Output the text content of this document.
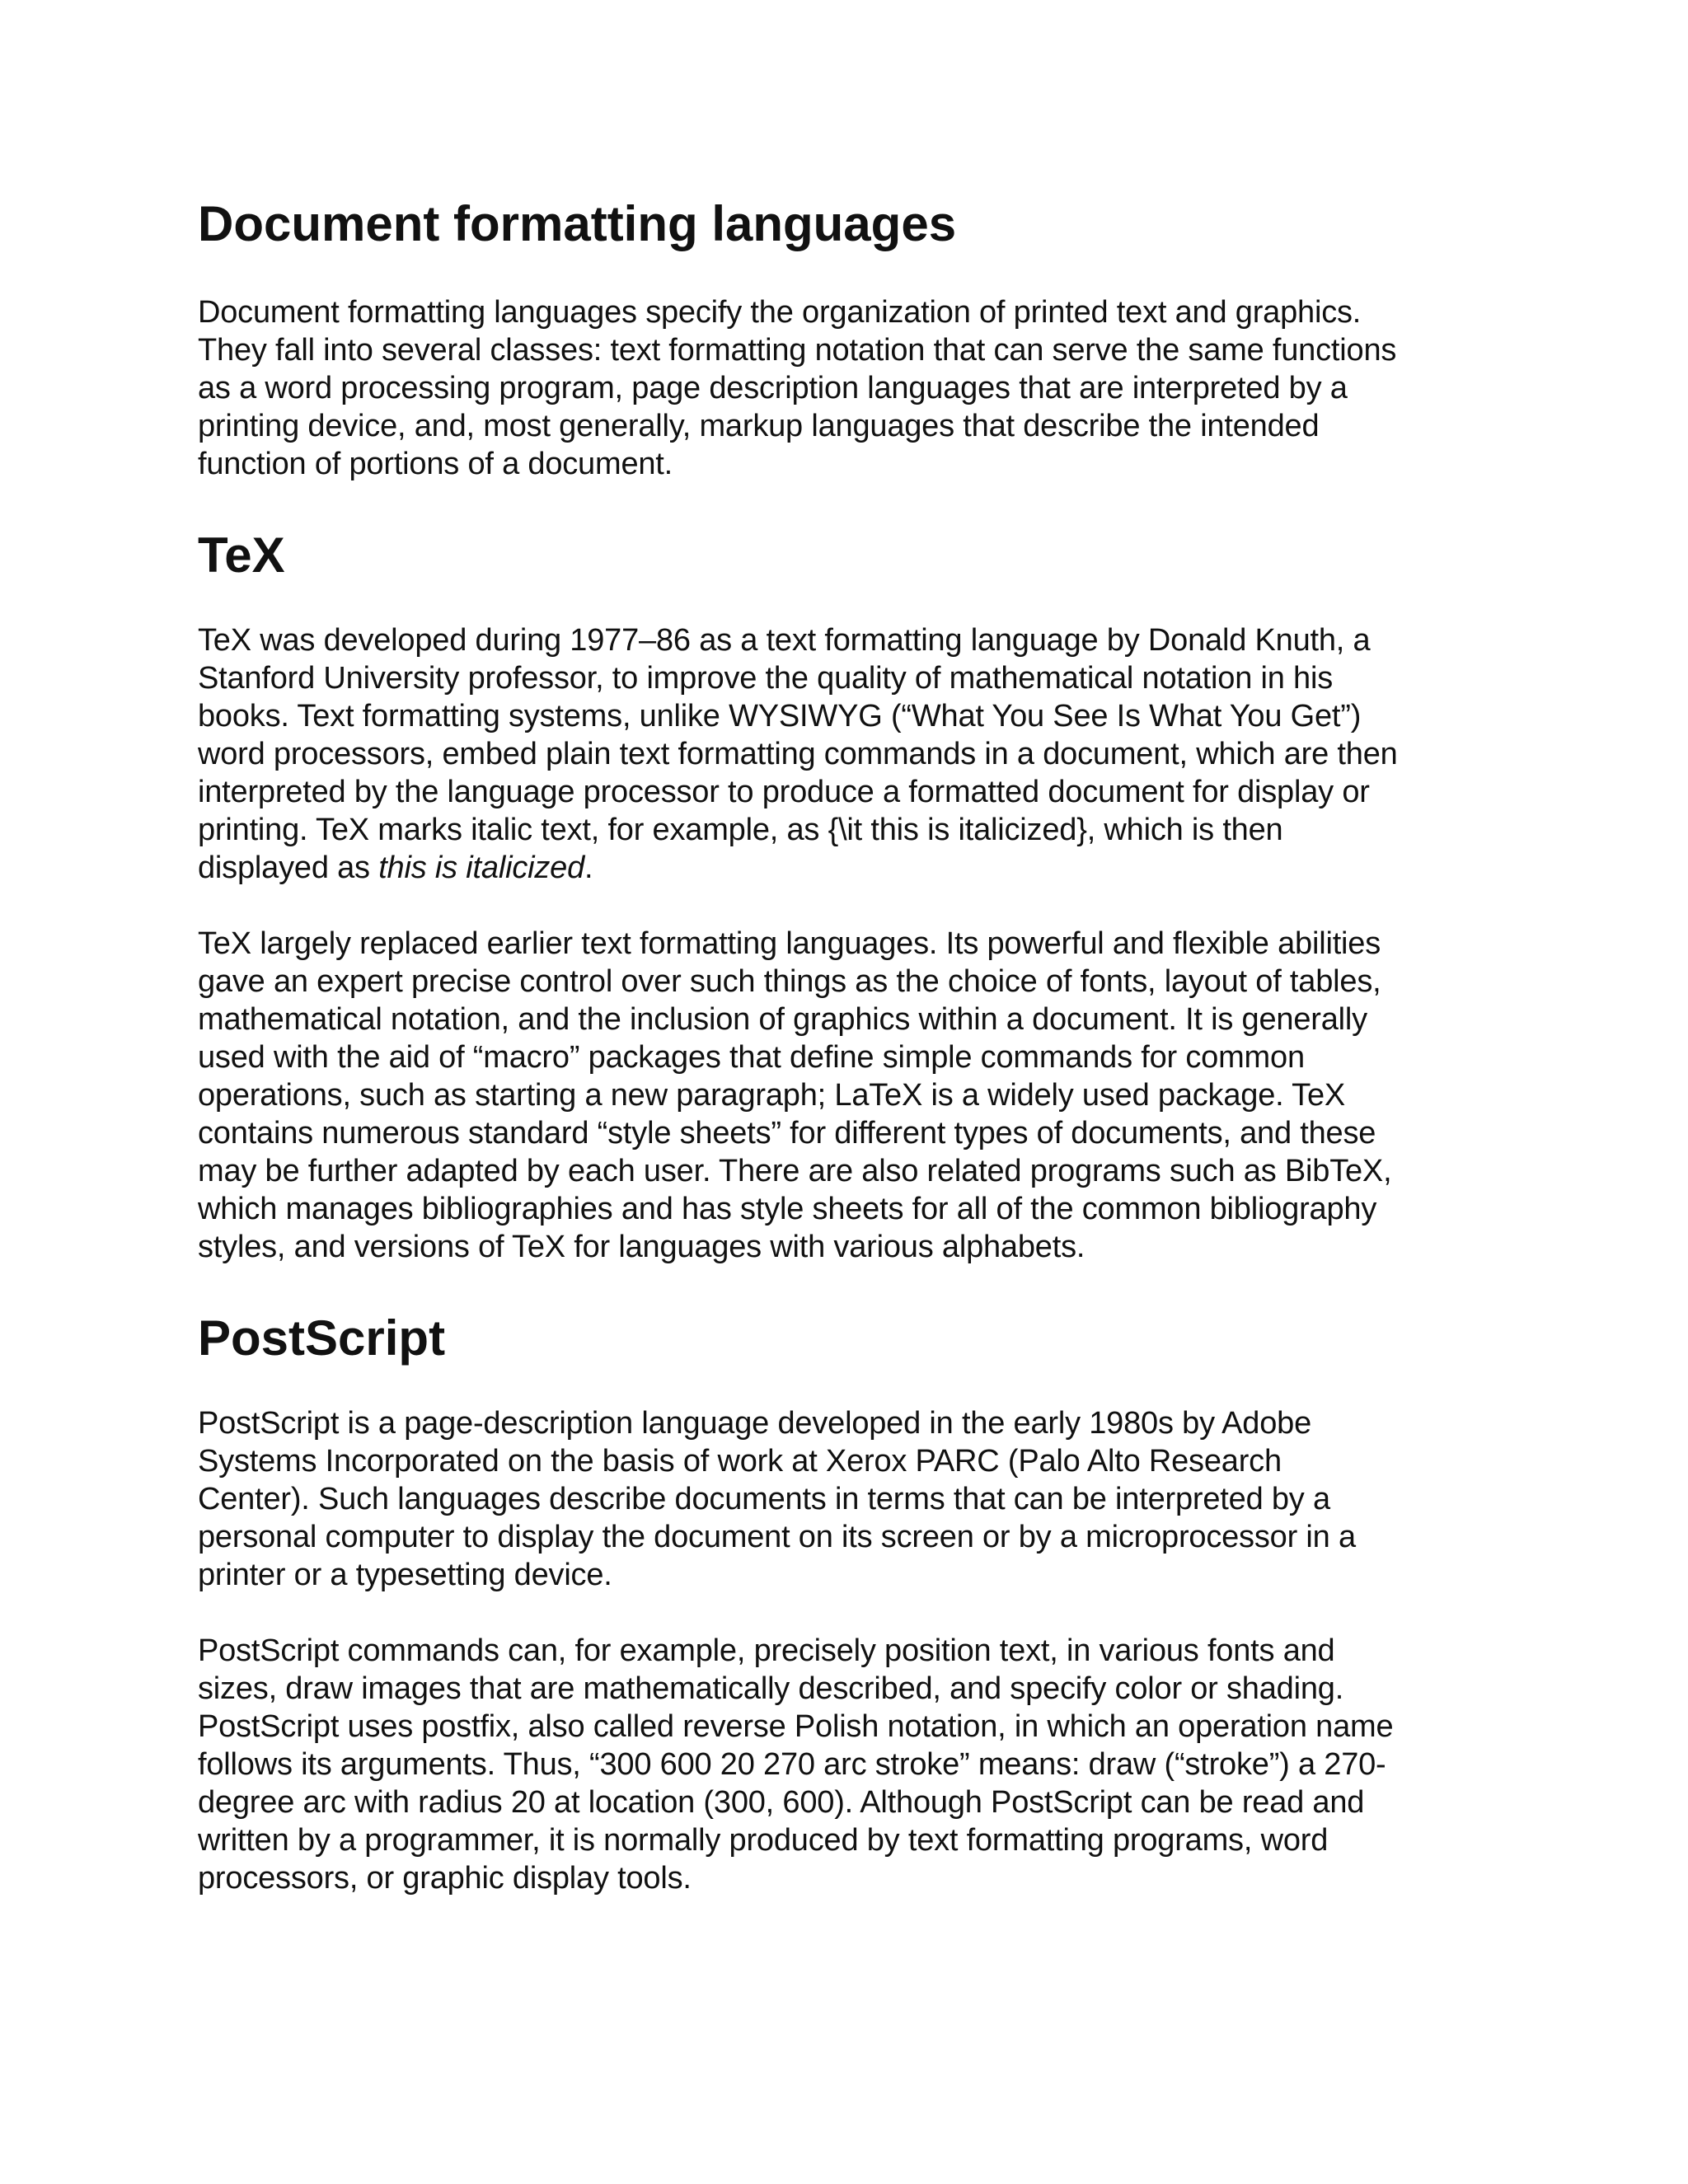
Document formatting languages

Document formatting languages specify the organization of printed text and graphics.
They fall into several classes: text formatting notation that can serve the same functions
as a word processing program, page description languages that are interpreted by a
printing device, and, most generally, markup languages that describe the intended
function of portions of a document.

TeX

TeX was developed during 1977–86 as a text formatting language by Donald Knuth, a
Stanford University professor, to improve the quality of mathematical notation in his
books. Text formatting systems, unlike WYSIWYG (“What You See Is What You Get”)
word processors, embed plain text formatting commands in a document, which are then
interpreted by the language processor to produce a formatted document for display or
printing. TeX marks italic text, for example, as {\it this is italicized}, which is then
displayed as this is italicized.

TeX largely replaced earlier text formatting languages. Its powerful and flexible abilities
gave an expert precise control over such things as the choice of fonts, layout of tables,
mathematical notation, and the inclusion of graphics within a document. It is generally
used with the aid of “macro” packages that define simple commands for common
operations, such as starting a new paragraph; LaTeX is a widely used package. TeX
contains numerous standard “style sheets” for different types of documents, and these
may be further adapted by each user. There are also related programs such as BibTeX,
which manages bibliographies and has style sheets for all of the common bibliography
styles, and versions of TeX for languages with various alphabets.

PostScript

PostScript is a page-description language developed in the early 1980s by Adobe
Systems Incorporated on the basis of work at Xerox PARC (Palo Alto Research
Center). Such languages describe documents in terms that can be interpreted by a
personal computer to display the document on its screen or by a microprocessor in a
printer or a typesetting device.

PostScript commands can, for example, precisely position text, in various fonts and
sizes, draw images that are mathematically described, and specify color or shading.
PostScript uses postfix, also called reverse Polish notation, in which an operation name
follows its arguments. Thus, “300 600 20 270 arc stroke” means: draw (“stroke”) a 270-
degree arc with radius 20 at location (300, 600). Although PostScript can be read and
written by a programmer, it is normally produced by text formatting programs, word
processors, or graphic display tools.
